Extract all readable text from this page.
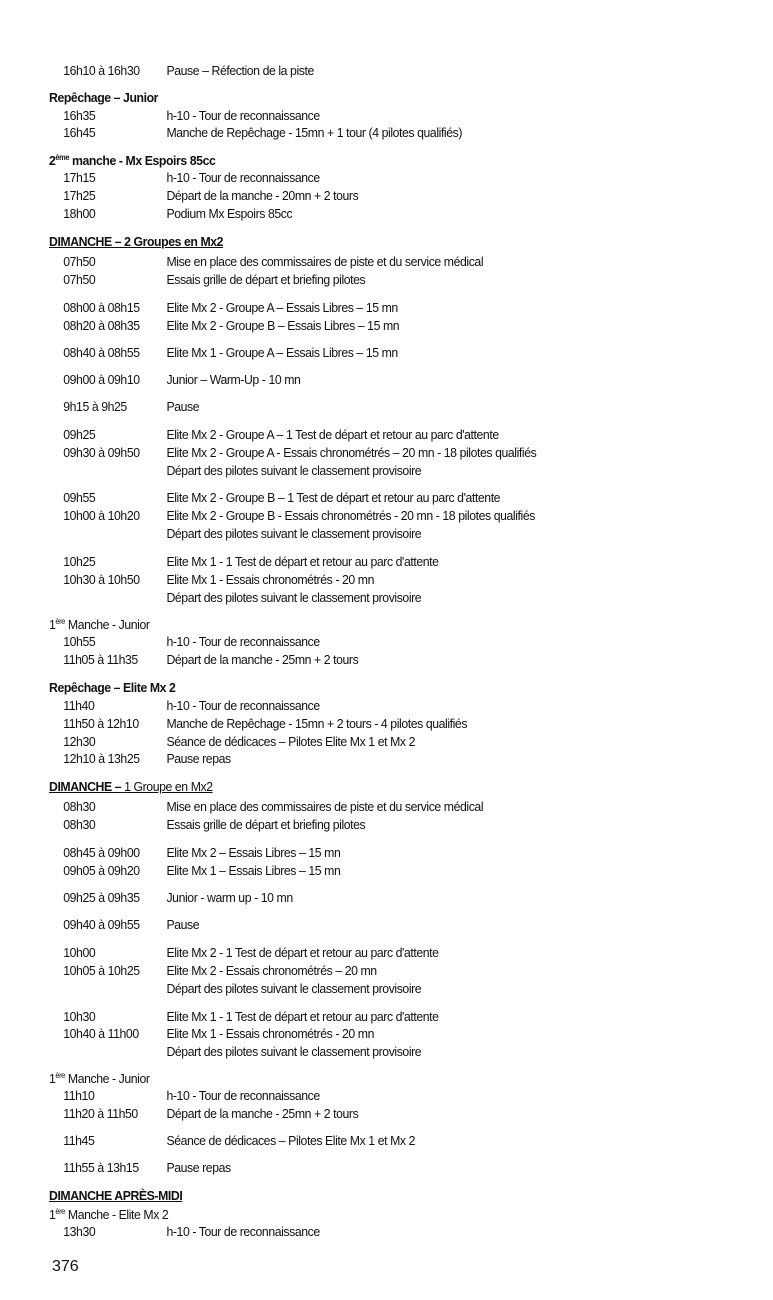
16h10 à 16h30 Pause – Réfection de la piste
Repêchage – Junior
16h35	h-10 - Tour de reconnaissance
16h45	Manche de Repêchage - 15mn + 1 tour (4 pilotes qualifiés)
2ème manche - Mx Espoirs 85cc
17h15	h-10 - Tour de reconnaissance
17h25	Départ de la manche - 20mn + 2 tours
18h00	Podium Mx Espoirs 85cc
DIMANCHE – 2 Groupes en Mx2
07h50	Mise en place des commissaires de piste et du service médical
07h50	Essais grille de départ et briefing pilotes
08h00 à 08h15 Elite Mx 2 - Groupe A – Essais Libres – 15 mn
08h20 à 08h35 Elite Mx 2 - Groupe B – Essais Libres – 15 mn
08h40 à 08h55 Elite Mx 1 - Groupe A – Essais Libres – 15 mn
09h00 à 09h10 Junior – Warm-Up - 10 mn
9h15 à 9h25	Pause
09h25	Elite Mx 2 - Groupe A – 1 Test de départ et retour au parc d'attente
09h30 à 09h50 Elite Mx 2 - Groupe A - Essais chronométrés – 20 mn - 18 pilotes qualifiés
Départ des pilotes suivant le classement provisoire
09h55	Elite Mx 2 - Groupe B – 1 Test de départ et retour au parc d'attente
10h00 à 10h20 Elite Mx 2 - Groupe B - Essais chronométrés - 20 mn - 18 pilotes qualifiés
Départ des pilotes suivant le classement provisoire
10h25	Elite Mx 1 - 1 Test de départ et retour au parc d'attente
10h30 à 10h50 Elite Mx 1 - Essais chronométrés - 20 mn
Départ des pilotes suivant le classement provisoire
1ère Manche - Junior
10h55	h-10 - Tour de reconnaissance
11h05 à 11h35 Départ de la manche - 25mn + 2 tours
Repêchage – Elite Mx 2
11h40	h-10 - Tour de reconnaissance
11h50 à 12h10 Manche de Repêchage - 15mn + 2 tours - 4 pilotes qualifiés
12h30	Séance de dédicaces – Pilotes Elite Mx 1 et Mx 2
12h10 à 13h25 Pause repas
DIMANCHE – 1 Groupe en Mx2
08h30	Mise en place des commissaires de piste et du service médical
08h30	Essais grille de départ et briefing pilotes
08h45 à 09h00 Elite Mx 2 – Essais Libres – 15 mn
09h05 à 09h20 Elite Mx 1 – Essais Libres – 15 mn
09h25 à 09h35 Junior - warm up - 10 mn
09h40 à 09h55 Pause
10h00	Elite Mx 2 - 1 Test de départ et retour au parc d'attente
10h05 à 10h25 Elite Mx 2 - Essais chronométrés – 20 mn
Départ des pilotes suivant le classement provisoire
10h30	Elite Mx 1 - 1 Test de départ et retour au parc d'attente
10h40 à 11h00 Elite Mx 1 - Essais chronométrés - 20 mn
Départ des pilotes suivant le classement provisoire
1ère Manche - Junior
11h10	h-10 - Tour de reconnaissance
11h20 à 11h50 Départ de la manche - 25mn + 2 tours
11h45	Séance de dédicaces – Pilotes Elite Mx 1 et Mx 2
11h55 à 13h15 Pause repas
DIMANCHE APRÈS-MIDI
1ère Manche - Elite Mx 2
13h30	h-10 - Tour de reconnaissance
376
